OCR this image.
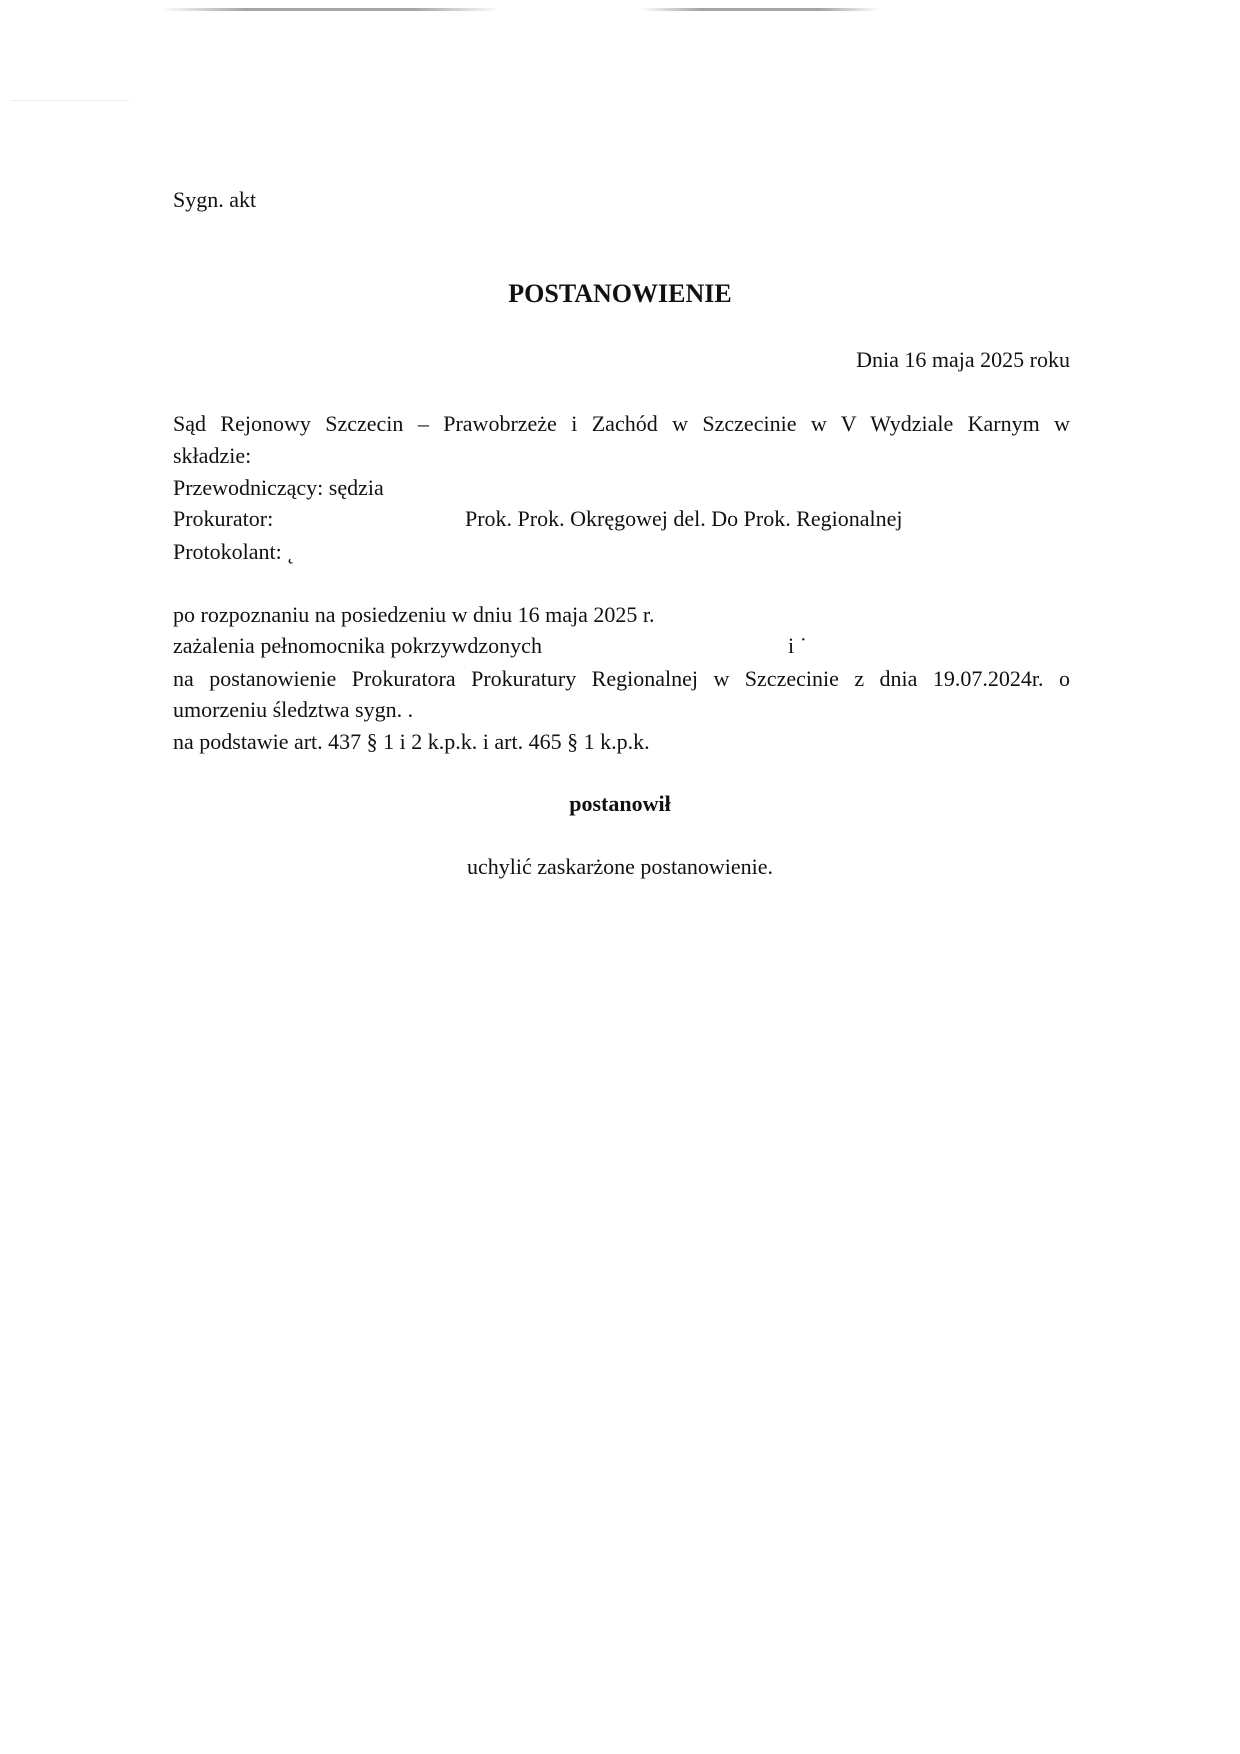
Sygn. akt
POSTANOWIENIE
Dnia 16 maja 2025 roku
Sąd Rejonowy Szczecin – Prawobrzeże i Zachód w Szczecinie w V Wydziale Karnym w
składzie:
Przewodniczący: sędzia
Prokurator:	Prok. Prok. Okręgowej del. Do Prok. Regionalnej
Protokolant: ˛
po rozpoznaniu na posiedzeniu w dniu 16 maja 2025 r.
zażalenia pełnomocnika pokrzywdzonych	i ˙
na postanowienie Prokuratora Prokuratury Regionalnej w Szczecinie z dnia 19.07.2024r. o
umorzeniu śledztwa sygn. .
na podstawie art. 437 § 1 i 2 k.p.k. i art. 465 § 1 k.p.k.
postanowił
uchylić zaskarżone postanowienie.
